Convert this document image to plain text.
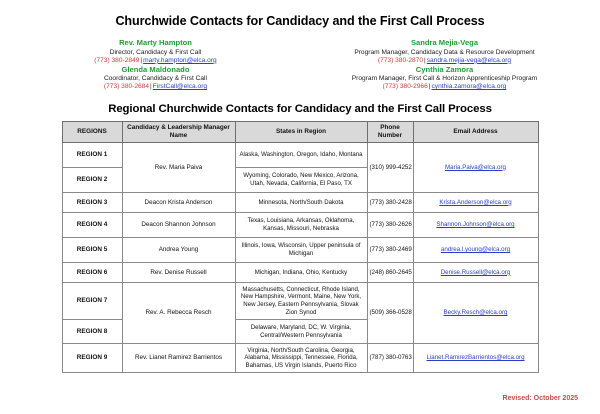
Churchwide Contacts for Candidacy and the First Call Process
Rev. Marty Hampton
Director, Candidacy & First Call
(773) 380-2849|marty.hampton@elca.org
Sandra Mejia-Vega
Program Manager, Candidacy Data & Resource Development
(773) 380-2870|sandra.mejia-vega@elca.org
Glenda Maldonado
Coordinator, Candidacy & First Call
(773) 380-2684|FirstCall@elca.org
Cynthia Zamora
Program Manager, First Call & Horizon Apprenticeship Program
(773) 380-2966|cynthia.zamora@elca.org
Regional Churchwide Contacts for Candidacy and the First Call Process
REGIONS	Candidacy & Leadership Manager Name	States in Region	Phone Number	Email Address
REGION 1	Rev. Maria Paiva	Alaska, Washington, Oregon, Idaho, Montana	(310) 999-4252	Maria.Paiva@elca.org
REGION 2		Wyoming, Colorado, New Mexico, Arizona, Utah, Nevada, California, El Paso, TX		
REGION 3	Deacon Krista Anderson	Minnesota, North/South Dakota	(773) 380-2428	Krista.Anderson@elca.org
REGION 4	Deacon Shannon Johnson	Texas, Louisiana, Arkansas, Oklahoma, Kansas, Missouri, Nebraska	(773) 380-2626	Shannon.Johnson@elca.org
REGION 5	Andrea Young	Illinois, Iowa, Wisconsin, Upper peninsula of Michigan	(773) 380-2469	andrea.l.young@elca.org
REGION 6	Rev. Denise Russell	Michigan, Indiana, Ohio, Kentucky	(248) 860-2645	Denise.Russell@elca.org
REGION 7	Rev. A. Rebecca Resch	Massachusetts, Connecticut, Rhode Island, New Hampshire, Vermont, Maine, New York, New Jersey, Eastern Pennsylvania, Slovak Zion Synod	(509) 366-0528	Becky.Resch@elca.org
REGION 8		Delaware, Maryland, DC, W. Virginia, Central/Western Pennsylvania		
REGION 9	Rev. Lianet Ramirez Barrientos	Virginia, North/South Carolina, Georgia, Alabama, Mississippi, Tennessee, Florida, Bahamas, US Virgin Islands, Puerto Rico	(787) 380-0763	Lianet.RamirezBarrientos@elca.org
Revised: October 2025
